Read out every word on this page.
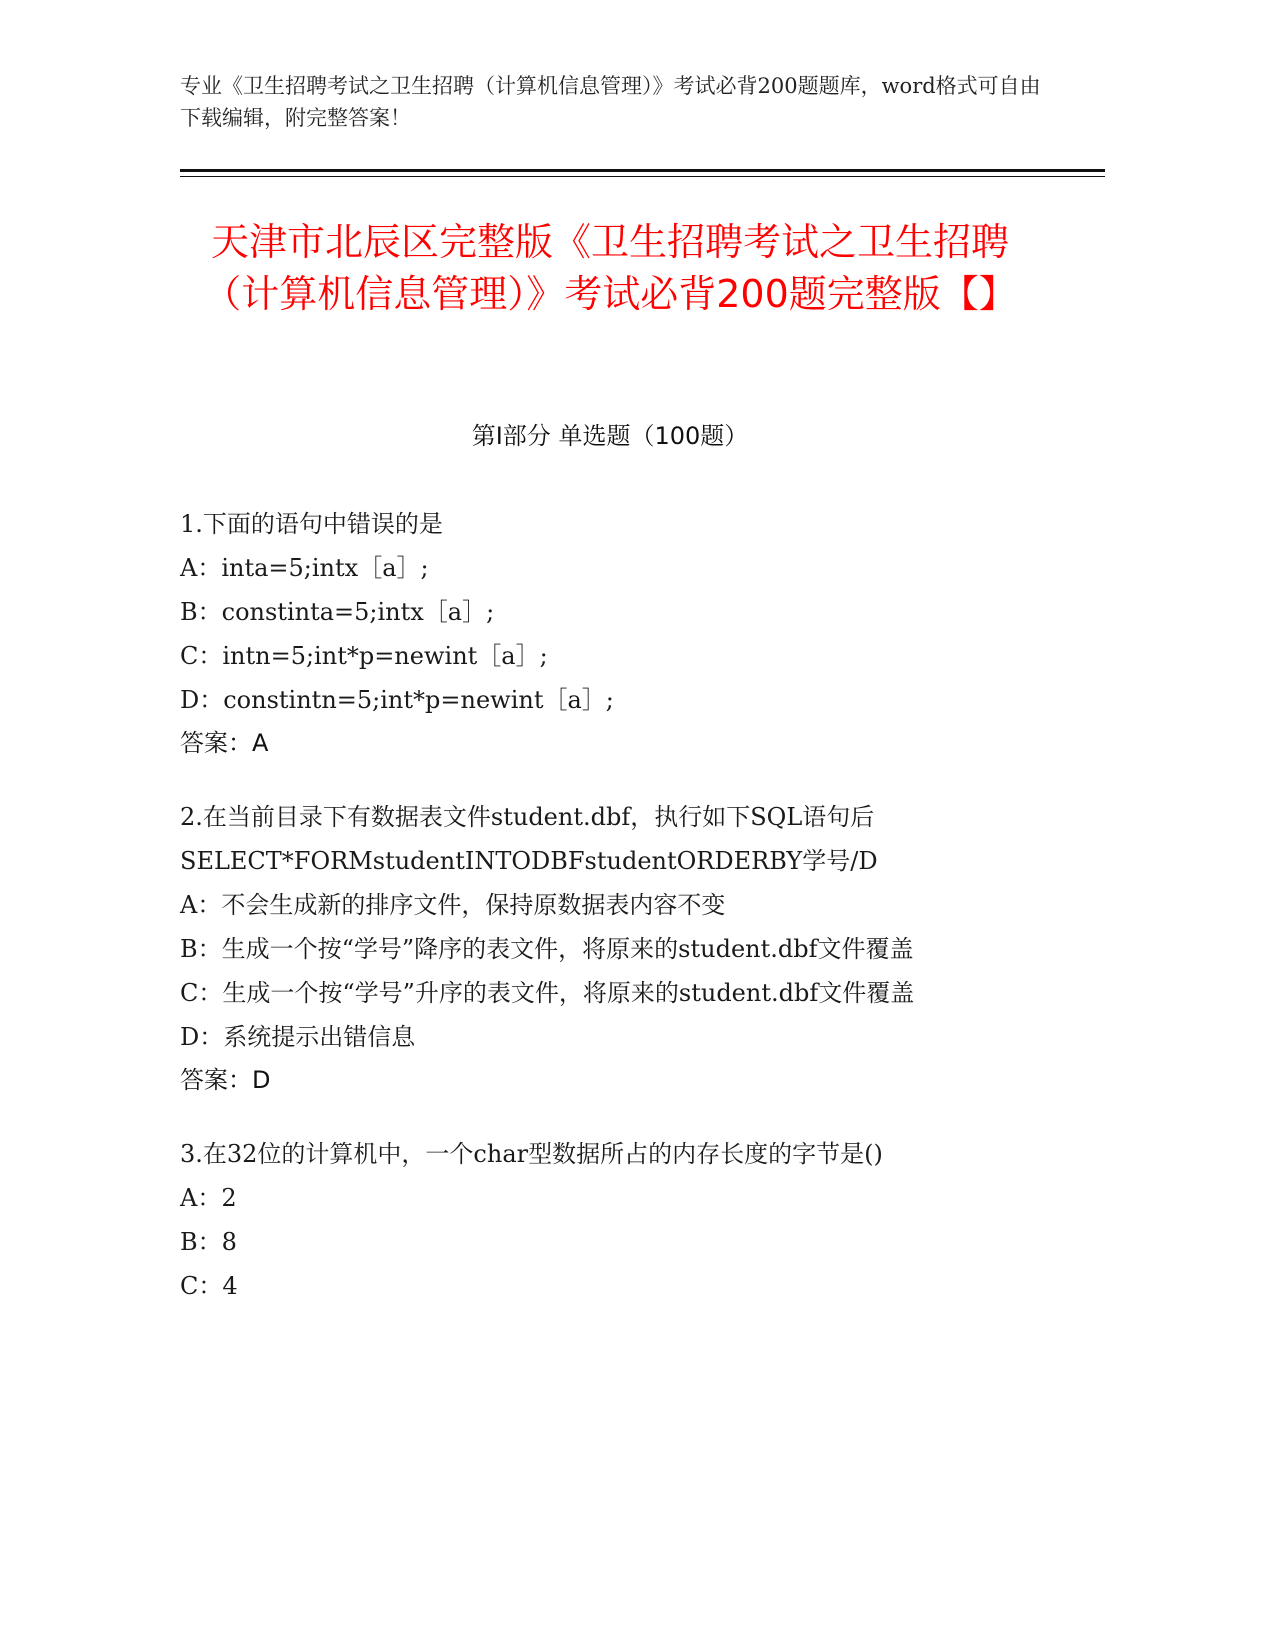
专业《卫生招聘考试之卫生招聘（计算机信息管理）》考试必背200题题库，word格式可自由下载编辑，附完整答案！
天津市北辰区完整版《卫生招聘考试之卫生招聘（计算机信息管理）》考试必背200题完整版【】
第Ⅰ部分 单选题（100题）
1.下面的语句中错误的是
A：inta=5;intx［a］;
B：constinta=5;intx［a］;
C：intn=5;int*p=newint［a］;
D：constintn=5;int*p=newint［a］;
答案：A
2.在当前目录下有数据表文件student.dbf，执行如下SQL语句后SELECT*FORMstudentINTODBFstudentORDERBY学号/D
A：不会生成新的排序文件，保持原数据表内容不变
B：生成一个按“学号”降序的表文件，将原来的student.dbf文件覆盖
C：生成一个按“学号”升序的表文件，将原来的student.dbf文件覆盖
D：系统提示出错信息
答案：D
3.在32位的计算机中，一个char型数据所占的内存长度的字节是()
A：2
B：8
C：4
